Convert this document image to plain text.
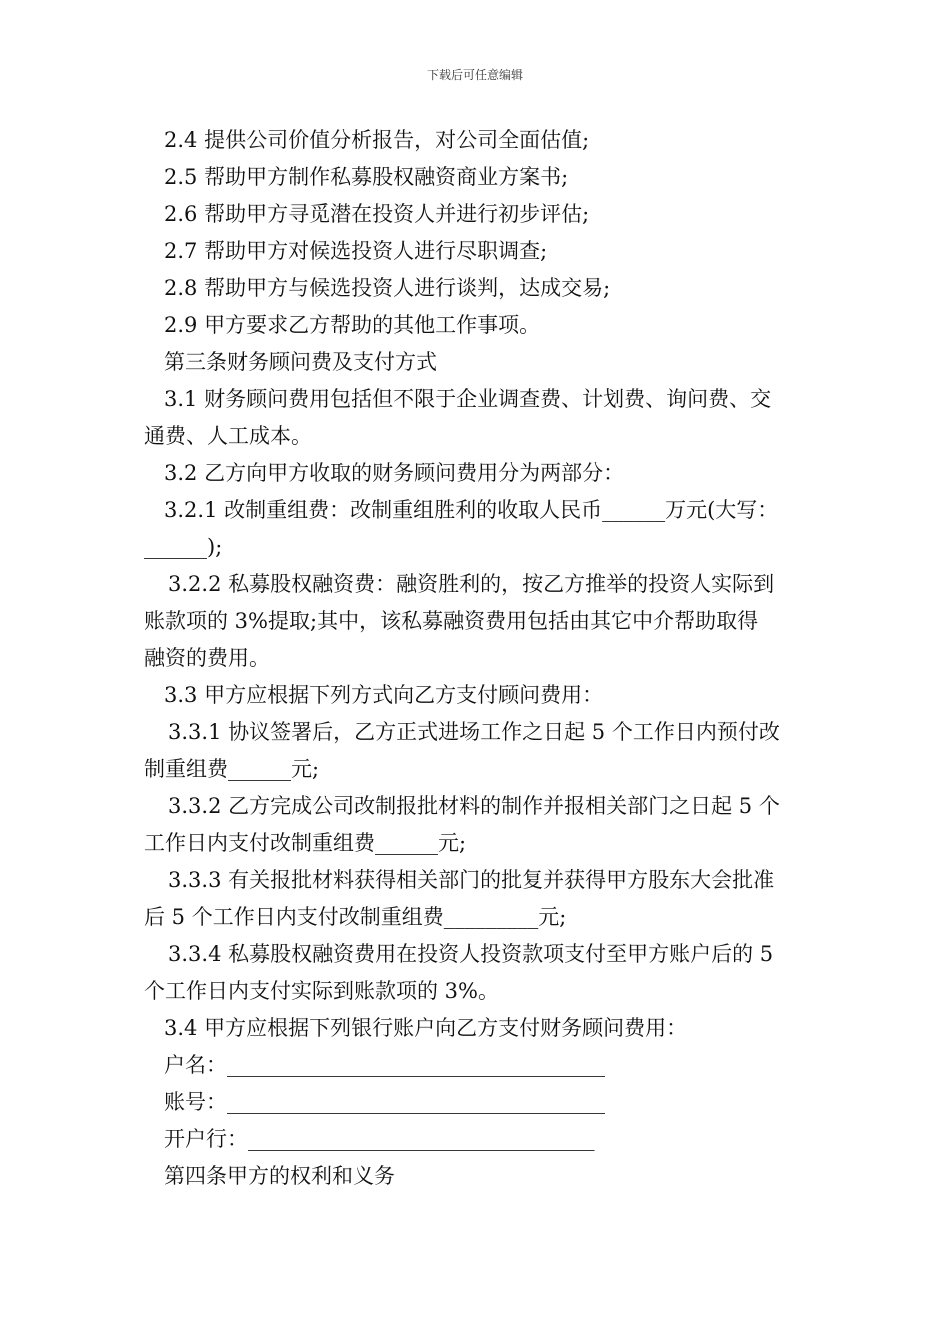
下载后可任意编辑
2.4 提供公司价值分析报告，对公司全面估值;
2.5 帮助甲方制作私募股权融资商业方案书;
2.6 帮助甲方寻觅潜在投资人并进行初步评估;
2.7 帮助甲方对候选投资人进行尽职调查;
2.8 帮助甲方与候选投资人进行谈判，达成交易;
2.9 甲方要求乙方帮助的其他工作事项。
第三条财务顾问费及支付方式
3.1 财务顾问费用包括但不限于企业调查费、计划费、询问费、交
通费、人工成本。
3.2 乙方向甲方收取的财务顾问费用分为两部分：
3.2.1 改制重组费：改制重组胜利的收取人民币______万元(大写：
______);
3.2.2 私募股权融资费：融资胜利的，按乙方推举的投资人实际到
账款项的 3%提取;其中，该私募融资费用包括由其它中介帮助取得
融资的费用。
3.3 甲方应根据下列方式向乙方支付顾问费用：
3.3.1 协议签署后，乙方正式进场工作之日起 5 个工作日内预付改
制重组费______元;
3.3.2 乙方完成公司改制报批材料的制作并报相关部门之日起 5 个
工作日内支付改制重组费______元;
3.3.3 有关报批材料获得相关部门的批复并获得甲方股东大会批准
后 5 个工作日内支付改制重组费_________元;
3.3.4 私募股权融资费用在投资人投资款项支付至甲方账户后的 5
个工作日内支付实际到账款项的 3%。
3.4 甲方应根据下列银行账户向乙方支付财务顾问费用：
户名：____________________________________
账号：____________________________________
开户行：_________________________________
第四条甲方的权利和义务
